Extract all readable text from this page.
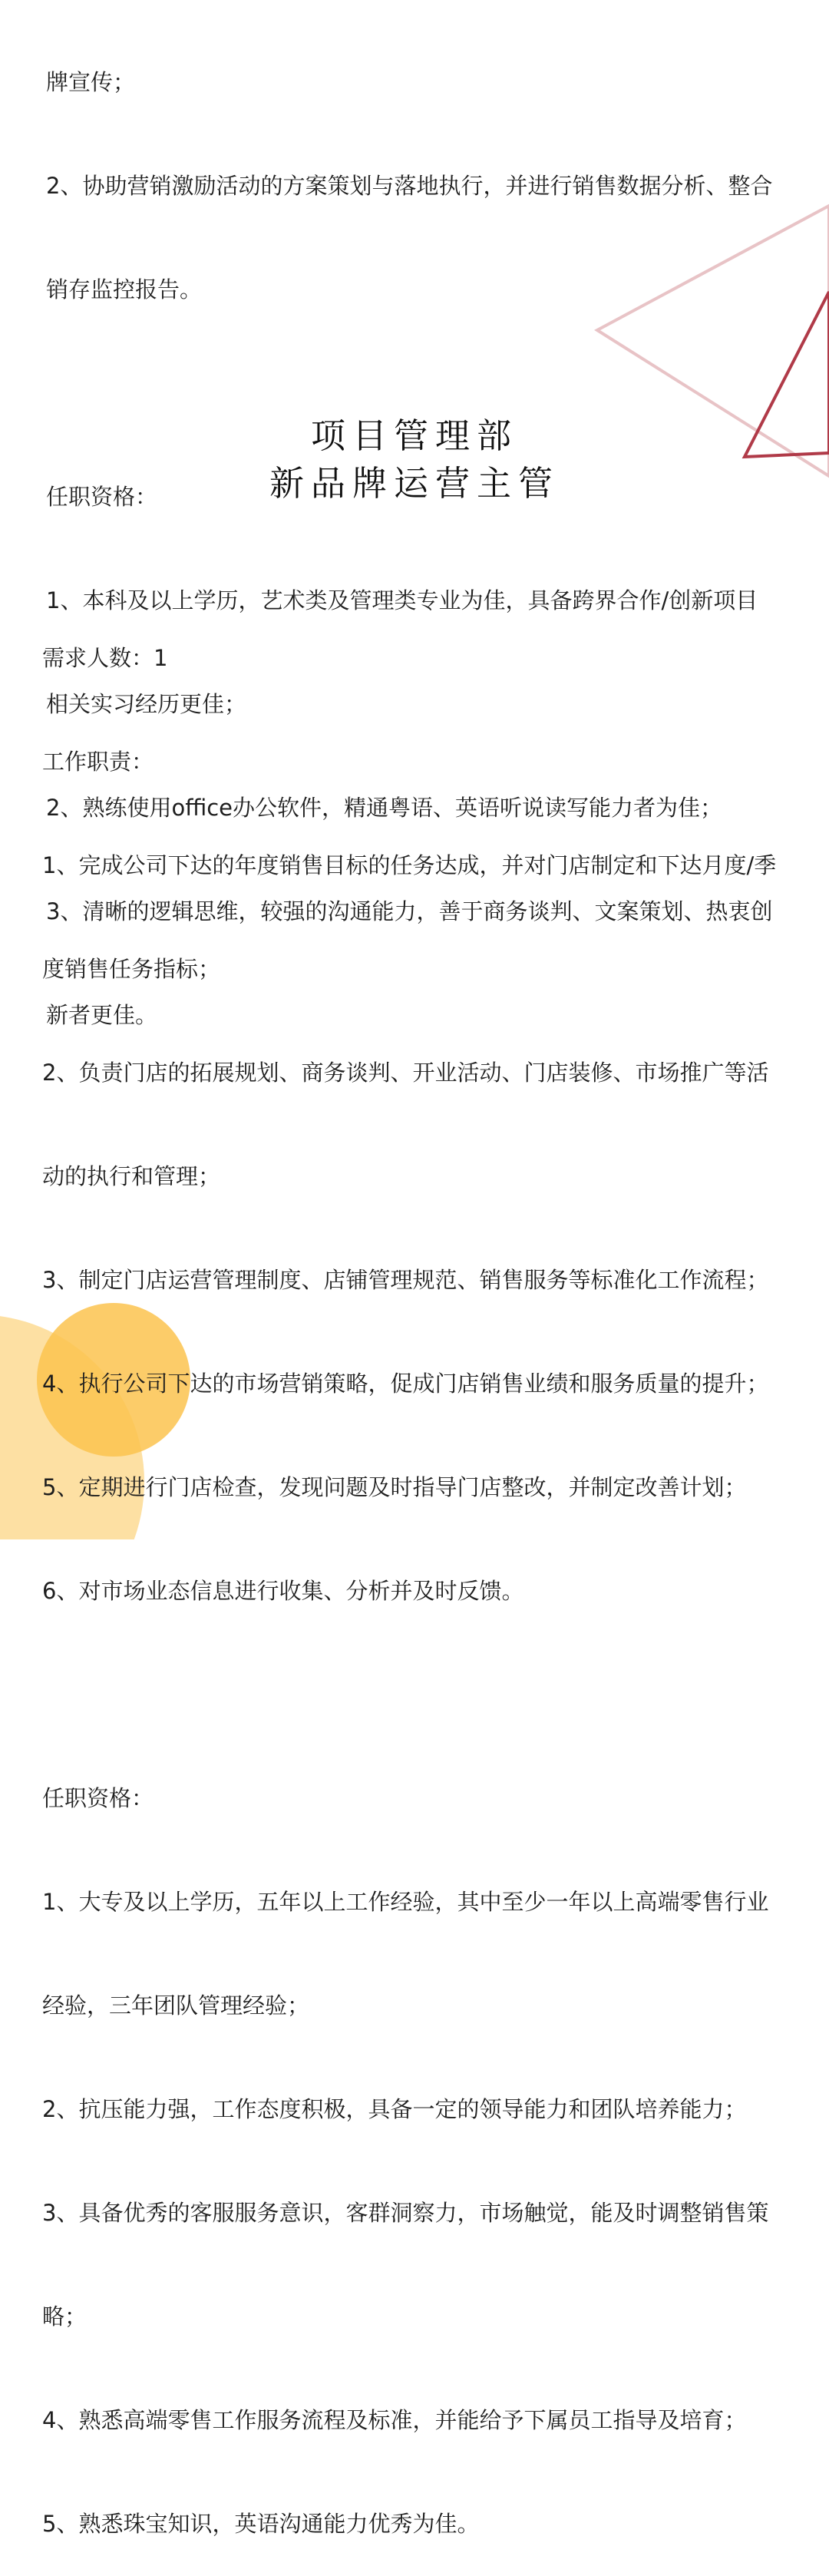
牌宣传；

2、协助营销激励活动的方案策划与落地执行，并进行销售数据分析、整合

销存监控报告。

任职资格：

1、本科及以上学历，艺术类及管理类专业为佳，具备跨界合作/创新项目

相关实习经历更佳；

2、熟练使用office办公软件，精通粤语、英语听说读写能力者为佳；

3、清晰的逻辑思维，较强的沟通能力，善于商务谈判、文案策划、热衷创

新者更佳。

项目管理部
新品牌运营主管

需求人数：1

工作职责：

1、完成公司下达的年度销售目标的任务达成，并对门店制定和下达月度/季

度销售任务指标；

2、负责门店的拓展规划、商务谈判、开业活动、门店装修、市场推广等活

动的执行和管理；

3、制定门店运营管理制度、店铺管理规范、销售服务等标准化工作流程；

4、执行公司下达的市场营销策略，促成门店销售业绩和服务质量的提升；

5、定期进行门店检查，发现问题及时指导门店整改，并制定改善计划；

6、对市场业态信息进行收集、分析并及时反馈。

任职资格：

1、大专及以上学历，五年以上工作经验，其中至少一年以上高端零售行业

经验，三年团队管理经验；

2、抗压能力强，工作态度积极，具备一定的领导能力和团队培养能力；

3、具备优秀的客服服务意识，客群洞察力，市场触觉，能及时调整销售策

略；

4、熟悉高端零售工作服务流程及标准，并能给予下属员工指导及培育；

5、熟悉珠宝知识，英语沟通能力优秀为佳。
